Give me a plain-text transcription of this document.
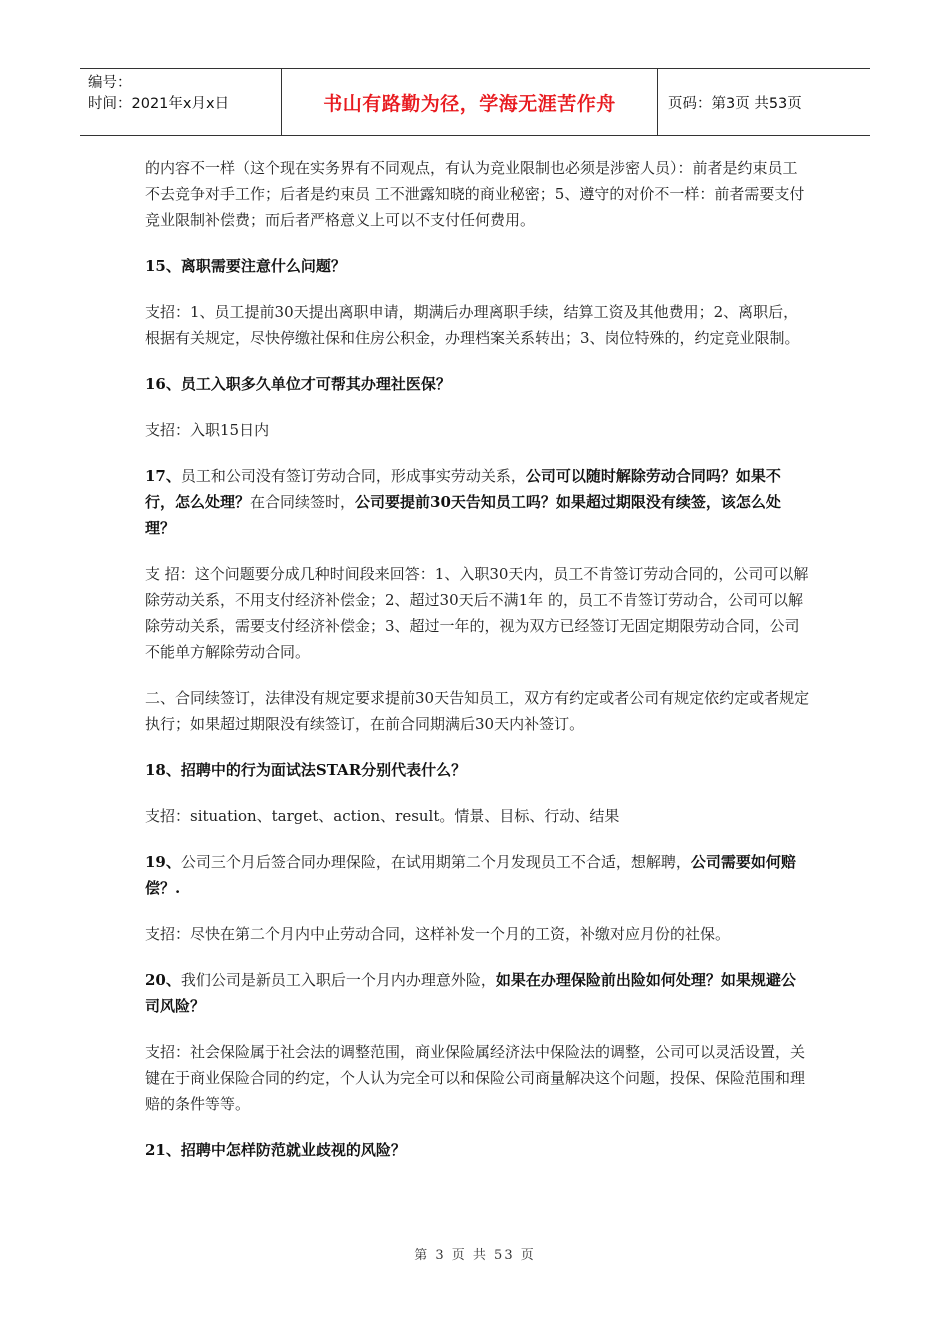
编号：
时间：2021年x月x日	书山有路勤为径，学海无涯苦作舟	页码：第3页 共53页

的内容不一样（这个现在实务界有不同观点，有认为竞业限制也必须是涉密人员）：前者是约束员工不去竞争对手工作；后者是约束员 工不泄露知晓的商业秘密；5、遵守的对价不一样：前者需要支付竞业限制补偿费；而后者严格意义上可以不支付任何费用。

15、离职需要注意什么问题？

支招：1、员工提前30天提出离职申请，期满后办理离职手续，结算工资及其他费用；2、离职后，根据有关规定，尽快停缴社保和住房公积金，办理档案关系转出；3、岗位特殊的，约定竞业限制。

16、员工入职多久单位才可帮其办理社医保？

支招：入职15日内

17、员工和公司没有签订劳动合同，形成事实劳动关系，公司可以随时解除劳动合同吗？如果不行，怎么处理？在合同续签时，公司要提前30天告知员工吗？如果超过期限没有续签，该怎么处理？

支 招：这个问题要分成几种时间段来回答：1、入职30天内，员工不肯签订劳动合同的，公司可以解除劳动关系，不用支付经济补偿金；2、超过30天后不满1年 的，员工不肯签订劳动合，公司可以解除劳动关系，需要支付经济补偿金；3、超过一年的，视为双方已经签订无固定期限劳动合同，公司不能单方解除劳动合同。

二、合同续签订，法律没有规定要求提前30天告知员工，双方有约定或者公司有规定依约定或者规定执行；如果超过期限没有续签订，在前合同期满后30天内补签订。

18、招聘中的行为面试法STAR分别代表什么？

支招：situation、target、action、result。情景、目标、行动、结果

19、公司三个月后签合同办理保险，在试用期第二个月发现员工不合适，想解聘，公司需要如何赔偿？.

支招：尽快在第二个月内中止劳动合同，这样补发一个月的工资，补缴对应月份的社保。

20、我们公司是新员工入职后一个月内办理意外险，如果在办理保险前出险如何处理？如果规避公司风险？

支招：社会保险属于社会法的调整范围，商业保险属经济法中保险法的调整，公司可以灵活设置，关键在于商业保险合同的约定，个人认为完全可以和保险公司商量解决这个问题，投保、保险范围和理赔的条件等等。

21、招聘中怎样防范就业歧视的风险？

第 3 页 共 53 页
